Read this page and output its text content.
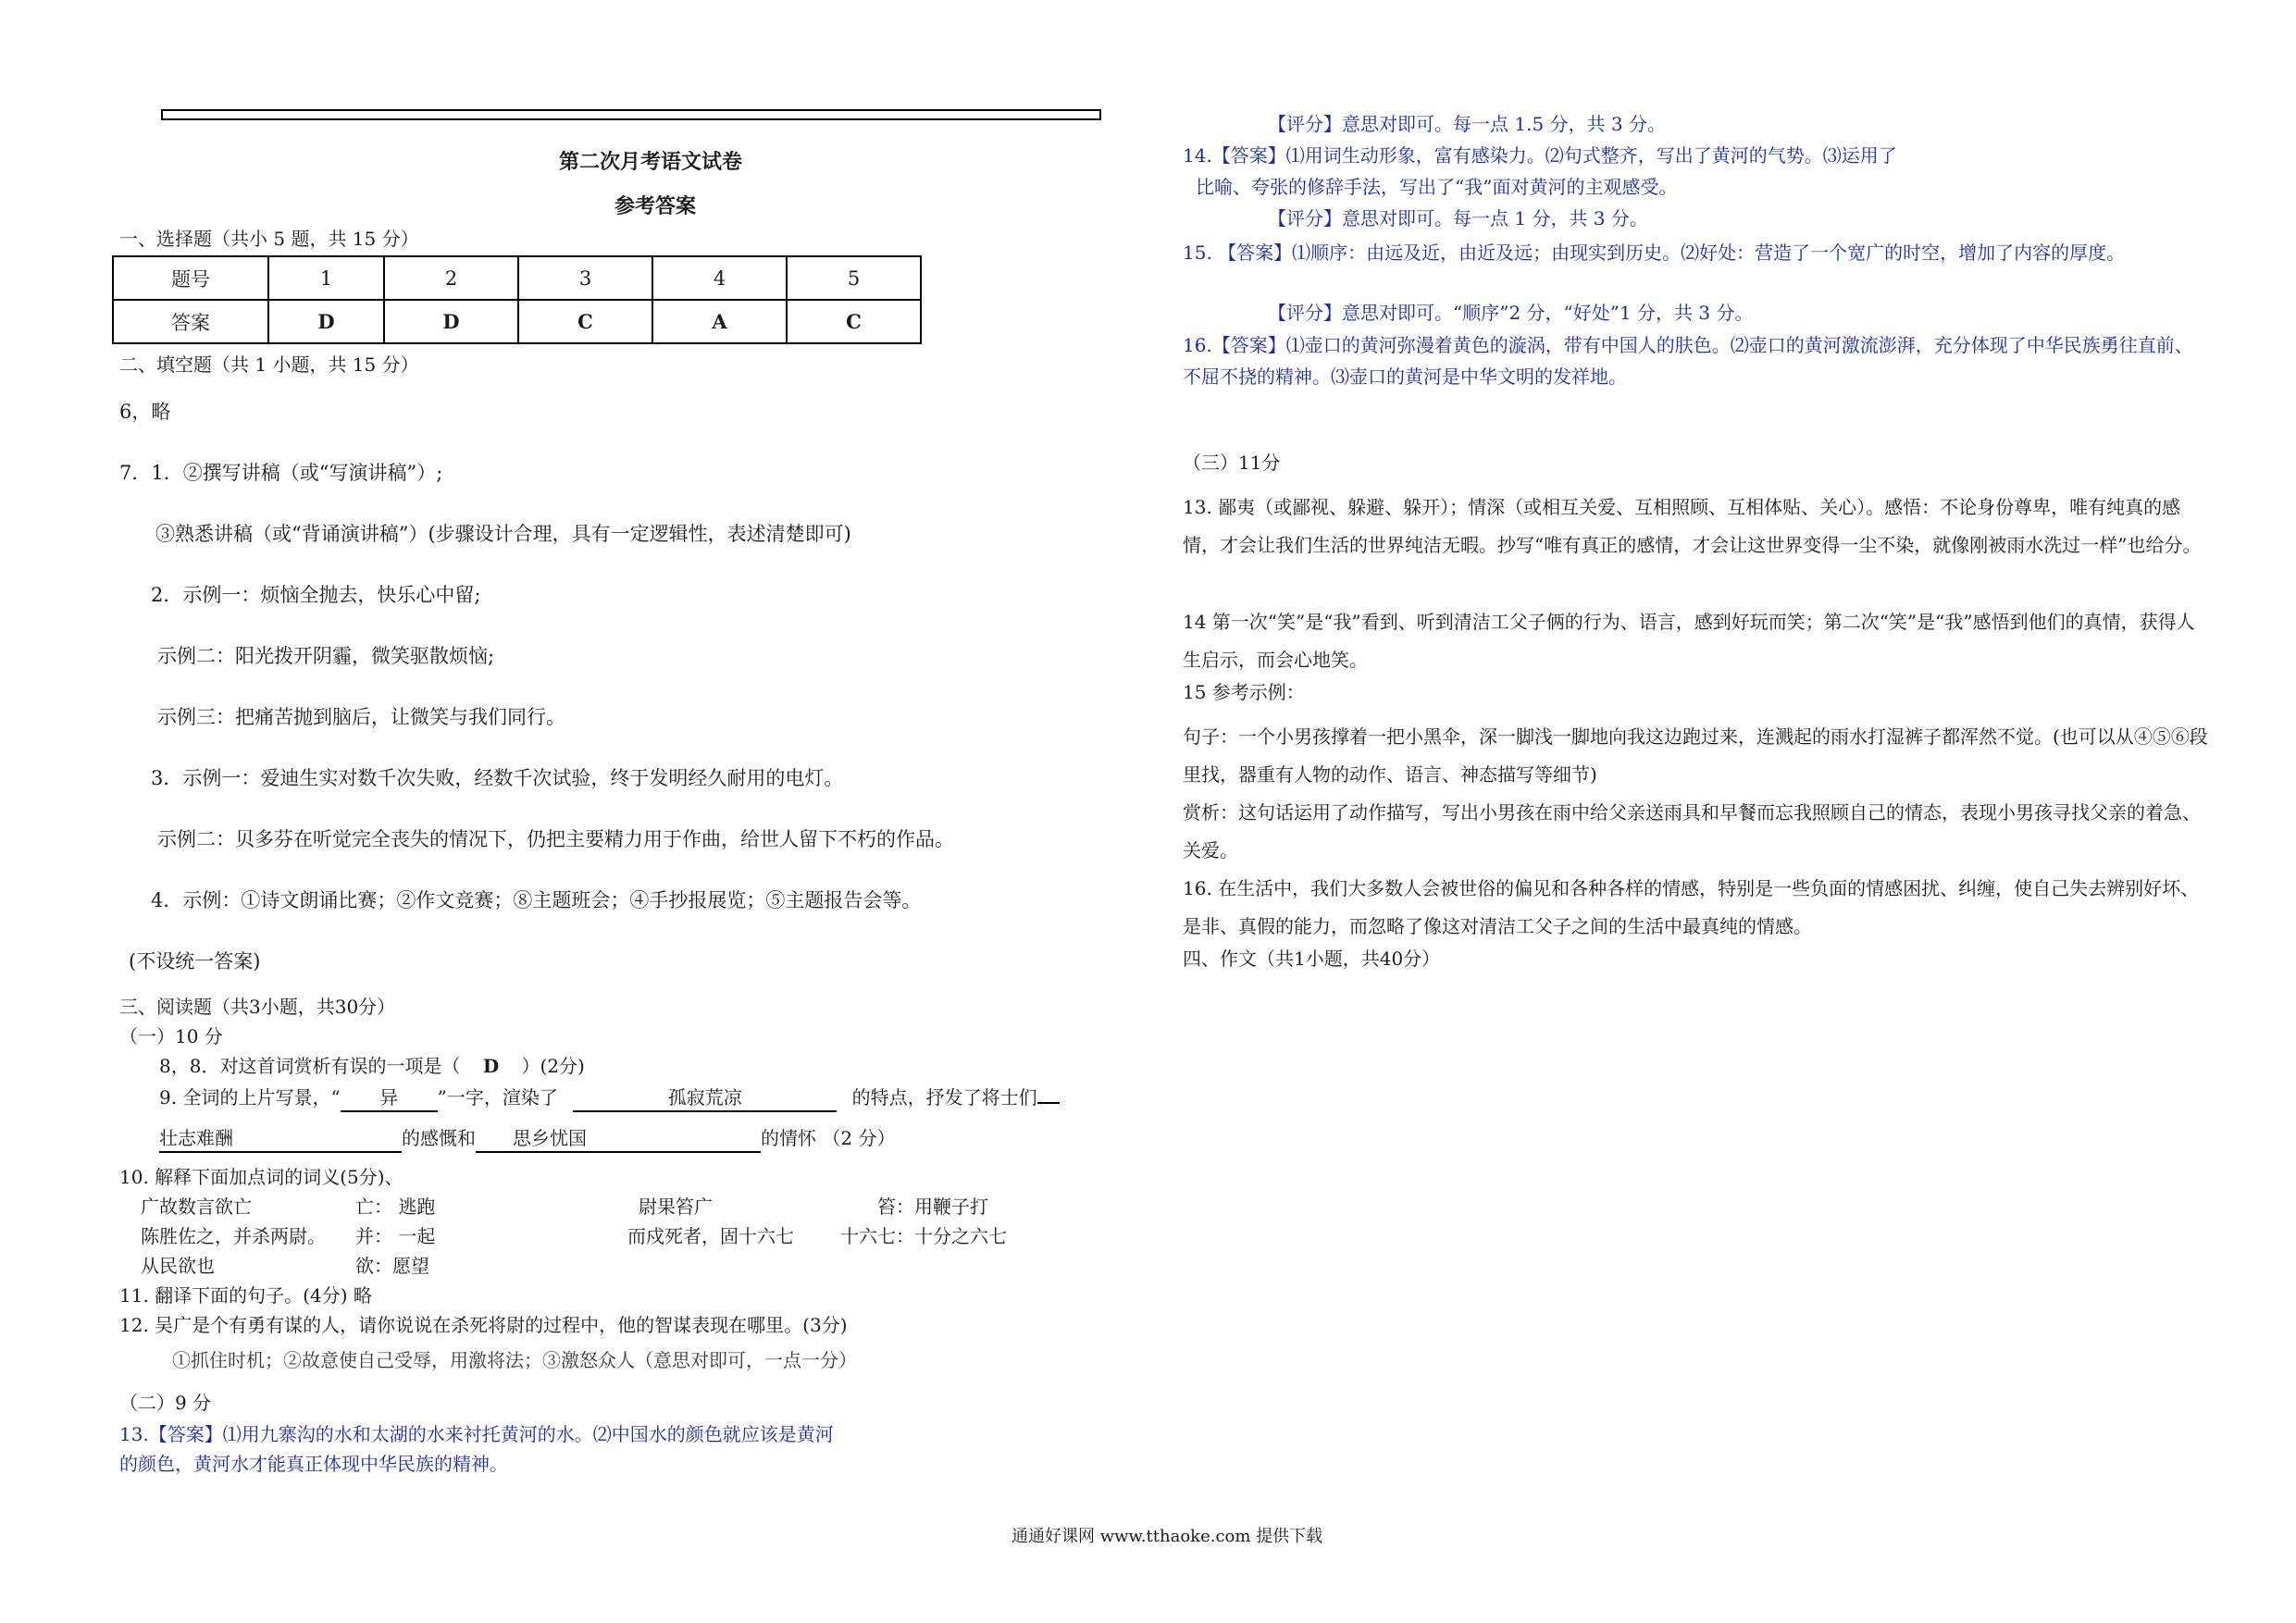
第二次月考语文试卷
参考答案
一、选择题（共小 5 题，共 15 分）
题号	1	2	3	4	5
答案	D	D	C	A	C
二、填空题（共 1 小题，共 15 分）
6，略
7．1．②撰写讲稿（或“写演讲稿”）;
③熟悉讲稿（或“背诵演讲稿”）(步骤设计合理，具有一定逻辑性，表述清楚即可)
2．示例一：烦恼全抛去，快乐心中留;
示例二：阳光拨开阴霾，微笑驱散烦恼;
示例三：把痛苦抛到脑后，让微笑与我们同行。
3．示例一：爱迪生实对数千次失败，经数千次试验，终于发明经久耐用的电灯。
示例二：贝多芬在听觉完全丧失的情况下，仍把主要精力用于作曲，给世人留下不朽的作品。
4．示例：①诗文朗诵比赛；②作文竞赛；⑧主题班会；④手抄报展览；⑤主题报告会等。
(不设统一答案)
三、阅读题（共3小题，共30分）
（一）10 分
8，8．对这首词赏析有误的一项是（ D ）(2分)
9. 全词的上片写景，“ 异 ”一字，渲染了	孤寂荒凉	的特点，抒发了将士们
壮志难酬	的感慨和 思乡忧国	的情怀 （2 分）
10. 解释下面加点词的词义(5分)、
广故数言欲亡	亡： 逃跑	尉果笞广	笞：用鞭子打
陈胜佐之，并杀两尉。 并： 一起	而戍死者，固十六七	十六七：十分之六七
从民欲也	欲：愿望
11. 翻译下面的句子。(4分) 略
12. 吴广是个有勇有谋的人，请你说说在杀死将尉的过程中，他的智谋表现在哪里。(3分)
①抓住时机；②故意使自己受辱，用激将法；③激怒众人（意思对即可，一点一分）
（二）9 分
13.【答案】⑴用九寨沟的水和太湖的水来衬托黄河的水。⑵中国水的颜色就应该是黄河
的颜色，黄河水才能真正体现中华民族的精神。
【评分】意思对即可。每一点 1.5 分，共 3 分。
14.【答案】⑴用词生动形象，富有感染力。⑵句式整齐，写出了黄河的气势。⑶运用了
比喻、夸张的修辞手法，写出了“我”面对黄河的主观感受。
【评分】意思对即可。每一点 1 分，共 3 分。
15. 【答案】⑴顺序：由远及近，由近及远；由现实到历史。⑵好处：营造了一个宽广的时空，增加了内容的厚度。
【评分】意思对即可。“顺序”2 分，“好处”1 分，共 3 分。
16.【答案】⑴壶口的黄河弥漫着黄色的漩涡，带有中国人的肤色。⑵壶口的黄河激流澎湃，充分体现了中华民族勇往直前、不屈不挠的精神。⑶壶口的黄河是中华文明的发祥地。
（三）11分
13. 鄙夷（或鄙视、躲避、躲开）；情深（或相互关爱、互相照顾、互相体贴、关心）。感悟：不论身份尊卑，唯有纯真的感情，才会让我们生活的世界纯洁无暇。抄写“唯有真正的感情，才会让这世界变得一尘不染，就像刚被雨水洗过一样”也给分。
14 第一次“笑”是“我”看到、听到清洁工父子俩的行为、语言，感到好玩而笑；第二次“笑”是“我”感悟到他们的真情，获得人生启示，而会心地笑。
15 参考示例：
句子：一个小男孩撑着一把小黑伞，深一脚浅一脚地向我这边跑过来，连溅起的雨水打湿裤子都浑然不觉。(也可以从④⑤⑥段里找，器重有人物的动作、语言、神态描写等细节)
赏析：这句话运用了动作描写，写出小男孩在雨中给父亲送雨具和早餐而忘我照顾自己的情态，表现小男孩寻找父亲的着急、关爱。
16. 在生活中，我们大多数人会被世俗的偏见和各种各样的情感，特别是一些负面的情感困扰、纠缠，使自己失去辨别好坏、是非、真假的能力，而忽略了像这对清洁工父子之间的生活中最真纯的情感。
四、作文（共1小题，共40分）
通通好课网 www.tthaoke.com 提供下载
